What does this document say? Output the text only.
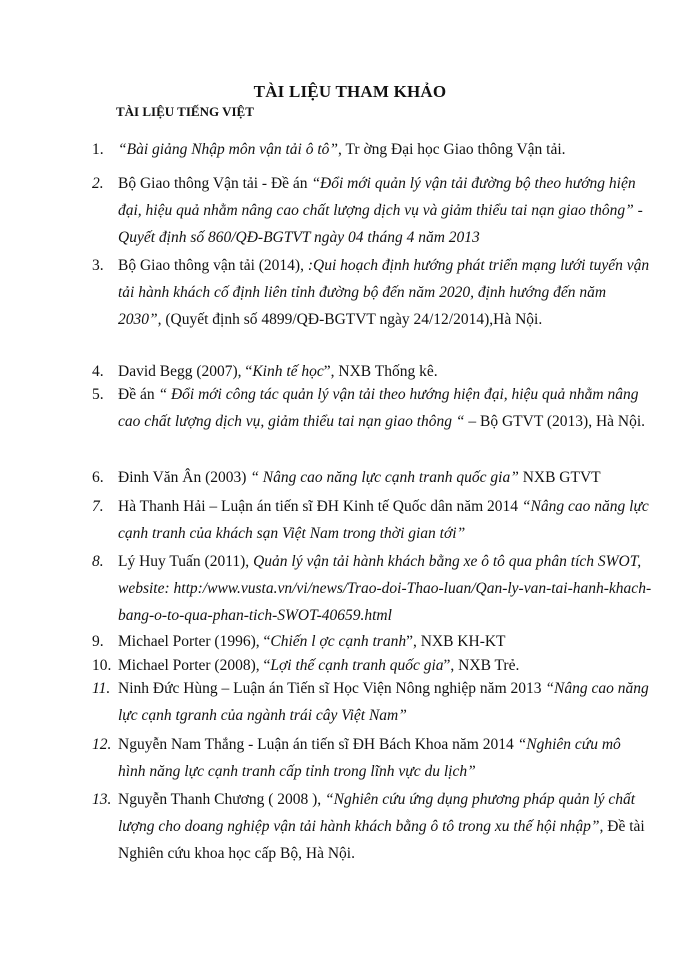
TÀI LIỆU THAM KHẢO
TÀI LIỆU TIẾNG VIỆT
1. “Bài giảng Nhập môn vận tải ô tô”, Tr ờng Đại học Giao thông Vận tải.
2. Bộ Giao thông Vận tải - Đề án “Đổi mới quản lý vận tải đường bộ theo hướng hiện đại, hiệu quả nhằm nâng cao chất lượng dịch vụ và giảm thiểu tai nạn giao thông” - Quyết định số 860/QĐ-BGTVT ngày 04 tháng 4 năm 2013
3. Bộ Giao thông vận tải (2014), :Qui hoạch định hướng phát triển mạng lưới tuyến vận tải hành khách cố định liên tỉnh đường bộ đến năm 2020, định hướng đến năm 2030”, (Quyết định số 4899/QĐ-BGTVT ngày 24/12/2014),Hà Nội.
4. David Begg (2007), “Kinh tế học”, NXB Thống kê.
5. Đề án “ Đổi mới công tác quản lý vận tải theo hướng hiện đại, hiệu quả nhằm nâng cao chất lượng dịch vụ, giảm thiểu tai nạn giao thông “ – Bộ GTVT (2013), Hà Nội.
6. Đinh Văn Ân (2003) “ Nâng cao năng lực cạnh tranh quốc gia” NXB GTVT
7. Hà Thanh Hải – Luận án tiến sĩ ĐH Kinh tế Quốc dân năm 2014 “Nâng cao năng lực cạnh tranh của khách sạn Việt Nam trong thời gian tới”
8. Lý Huy Tuấn (2011), Quản lý vận tải hành khách bằng xe ô tô qua phân tích SWOT, website: http:/www.vusta.vn/vi/news/Trao-doi-Thao-luan/Qan-ly-van-tai-hanh-khach-bang-o-to-qua-phan-tich-SWOT-40659.html
9. Michael Porter (1996), “Chiến l ợc cạnh tranh”, NXB KH-KT
10. Michael Porter (2008), “Lợi thế cạnh tranh quốc gia”, NXB Trẻ.
11. Ninh Đức Hùng – Luận án Tiến sĩ Học Viện Nông nghiệp năm 2013 “Nâng cao năng lực cạnh tgranh của ngành trái cây Việt Nam”
12. Nguyễn Nam Thắng - Luận án tiến sĩ ĐH Bách Khoa năm 2014 “Nghiên cứu mô hình năng lực cạnh tranh cấp tỉnh trong lĩnh vực du lịch”
13. Nguyễn Thanh Chương ( 2008 ), “Nghiên cứu ứng dụng phương pháp quản lý chất lượng cho doang nghiệp vận tải hành khách bằng ô tô trong xu thế hội nhập”, Đề tài Nghiên cứu khoa học cấp Bộ, Hà Nội.
